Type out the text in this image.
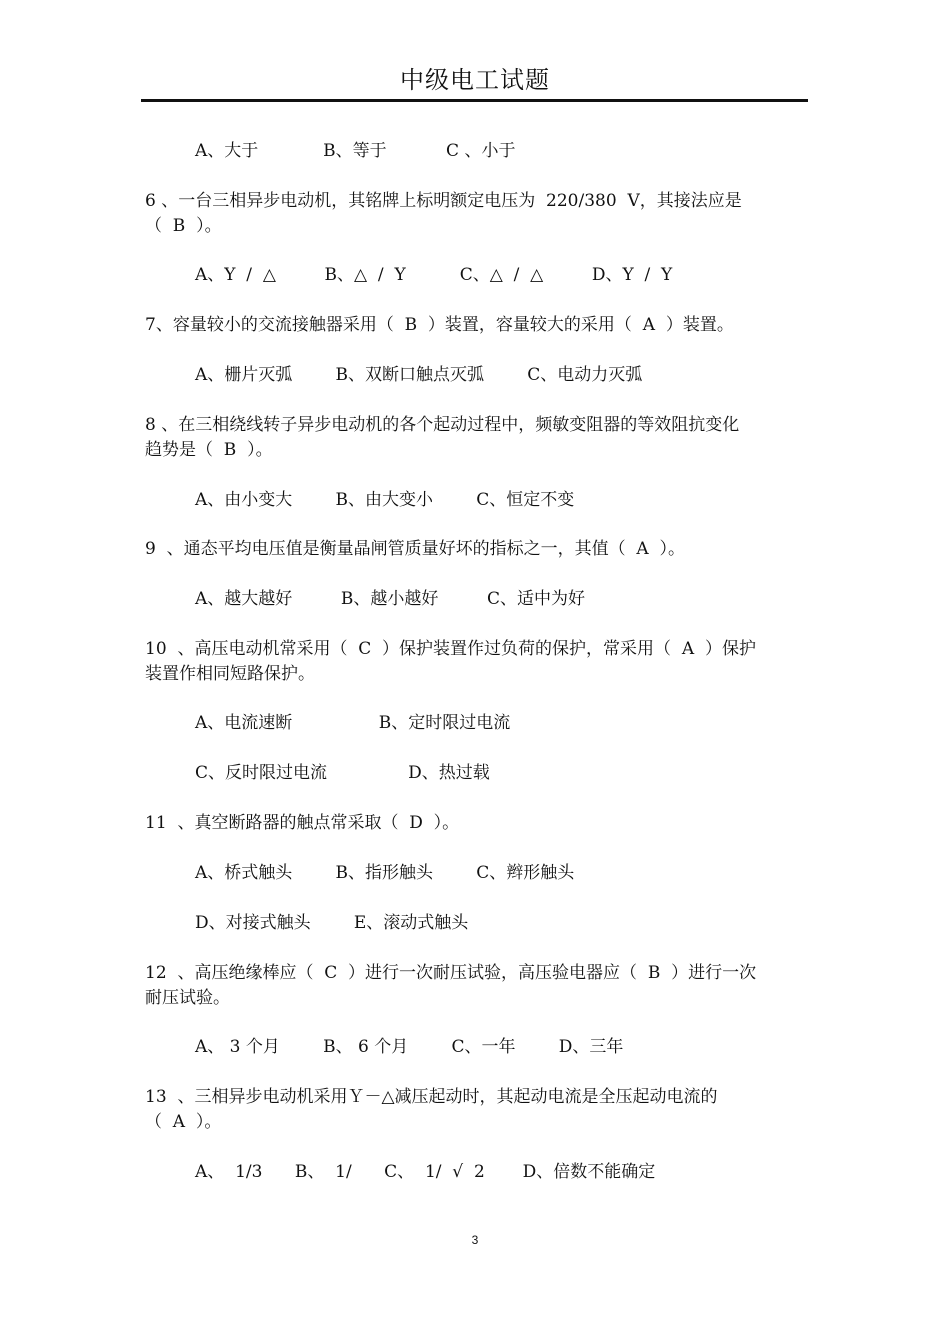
中级电工试题
A、大于            B、等于           C 、小于
6 、一台三相异步电动机，其铭牌上标明额定电压为  220/380  V，其接法应是
（  B  ）。
A、Y  /  △         B、△  /  Y          C、△  /  △         D、Y  /  Y
7、容量较小的交流接触器采用（  B  ）装置，容量较大的采用（  A  ）装置。
A、栅片灭弧        B、双断口触点灭弧        C、电动力灭弧
8 、在三相绕线转子异步电动机的各个起动过程中，频敏变阻器的等效阻抗变化
趋势是（  B  ）。
A、由小变大        B、由大变小        C、恒定不变
9  、通态平均电压值是衡量晶闸管质量好坏的指标之一，其值（  A  ）。
A、越大越好         B、越小越好         C、适中为好
10  、高压电动机常采用（  C  ）保护装置作过负荷的保护，常采用（  A  ）保护
装置作相同短路保护。
A、电流速断                B、定时限过电流
C、反时限过电流               D、热过载
11  、真空断路器的触点常采取（  D  ）。
A、桥式触头        B、指形触头        C、辫形触头
D、对接式触头        E、滚动式触头
12  、高压绝缘棒应（  C  ）进行一次耐压试验，高压验电器应（  B  ）进行一次
耐压试验。
A、 3 个月        B、 6 个月        C、一年        D、三年
13  、三相异步电动机采用Ｙ－△减压起动时，其起动电流是全压起动电流的
（  A  ）。
A、  1/3      B、  1/      C、  1/  √  2       D、倍数不能确定
3
